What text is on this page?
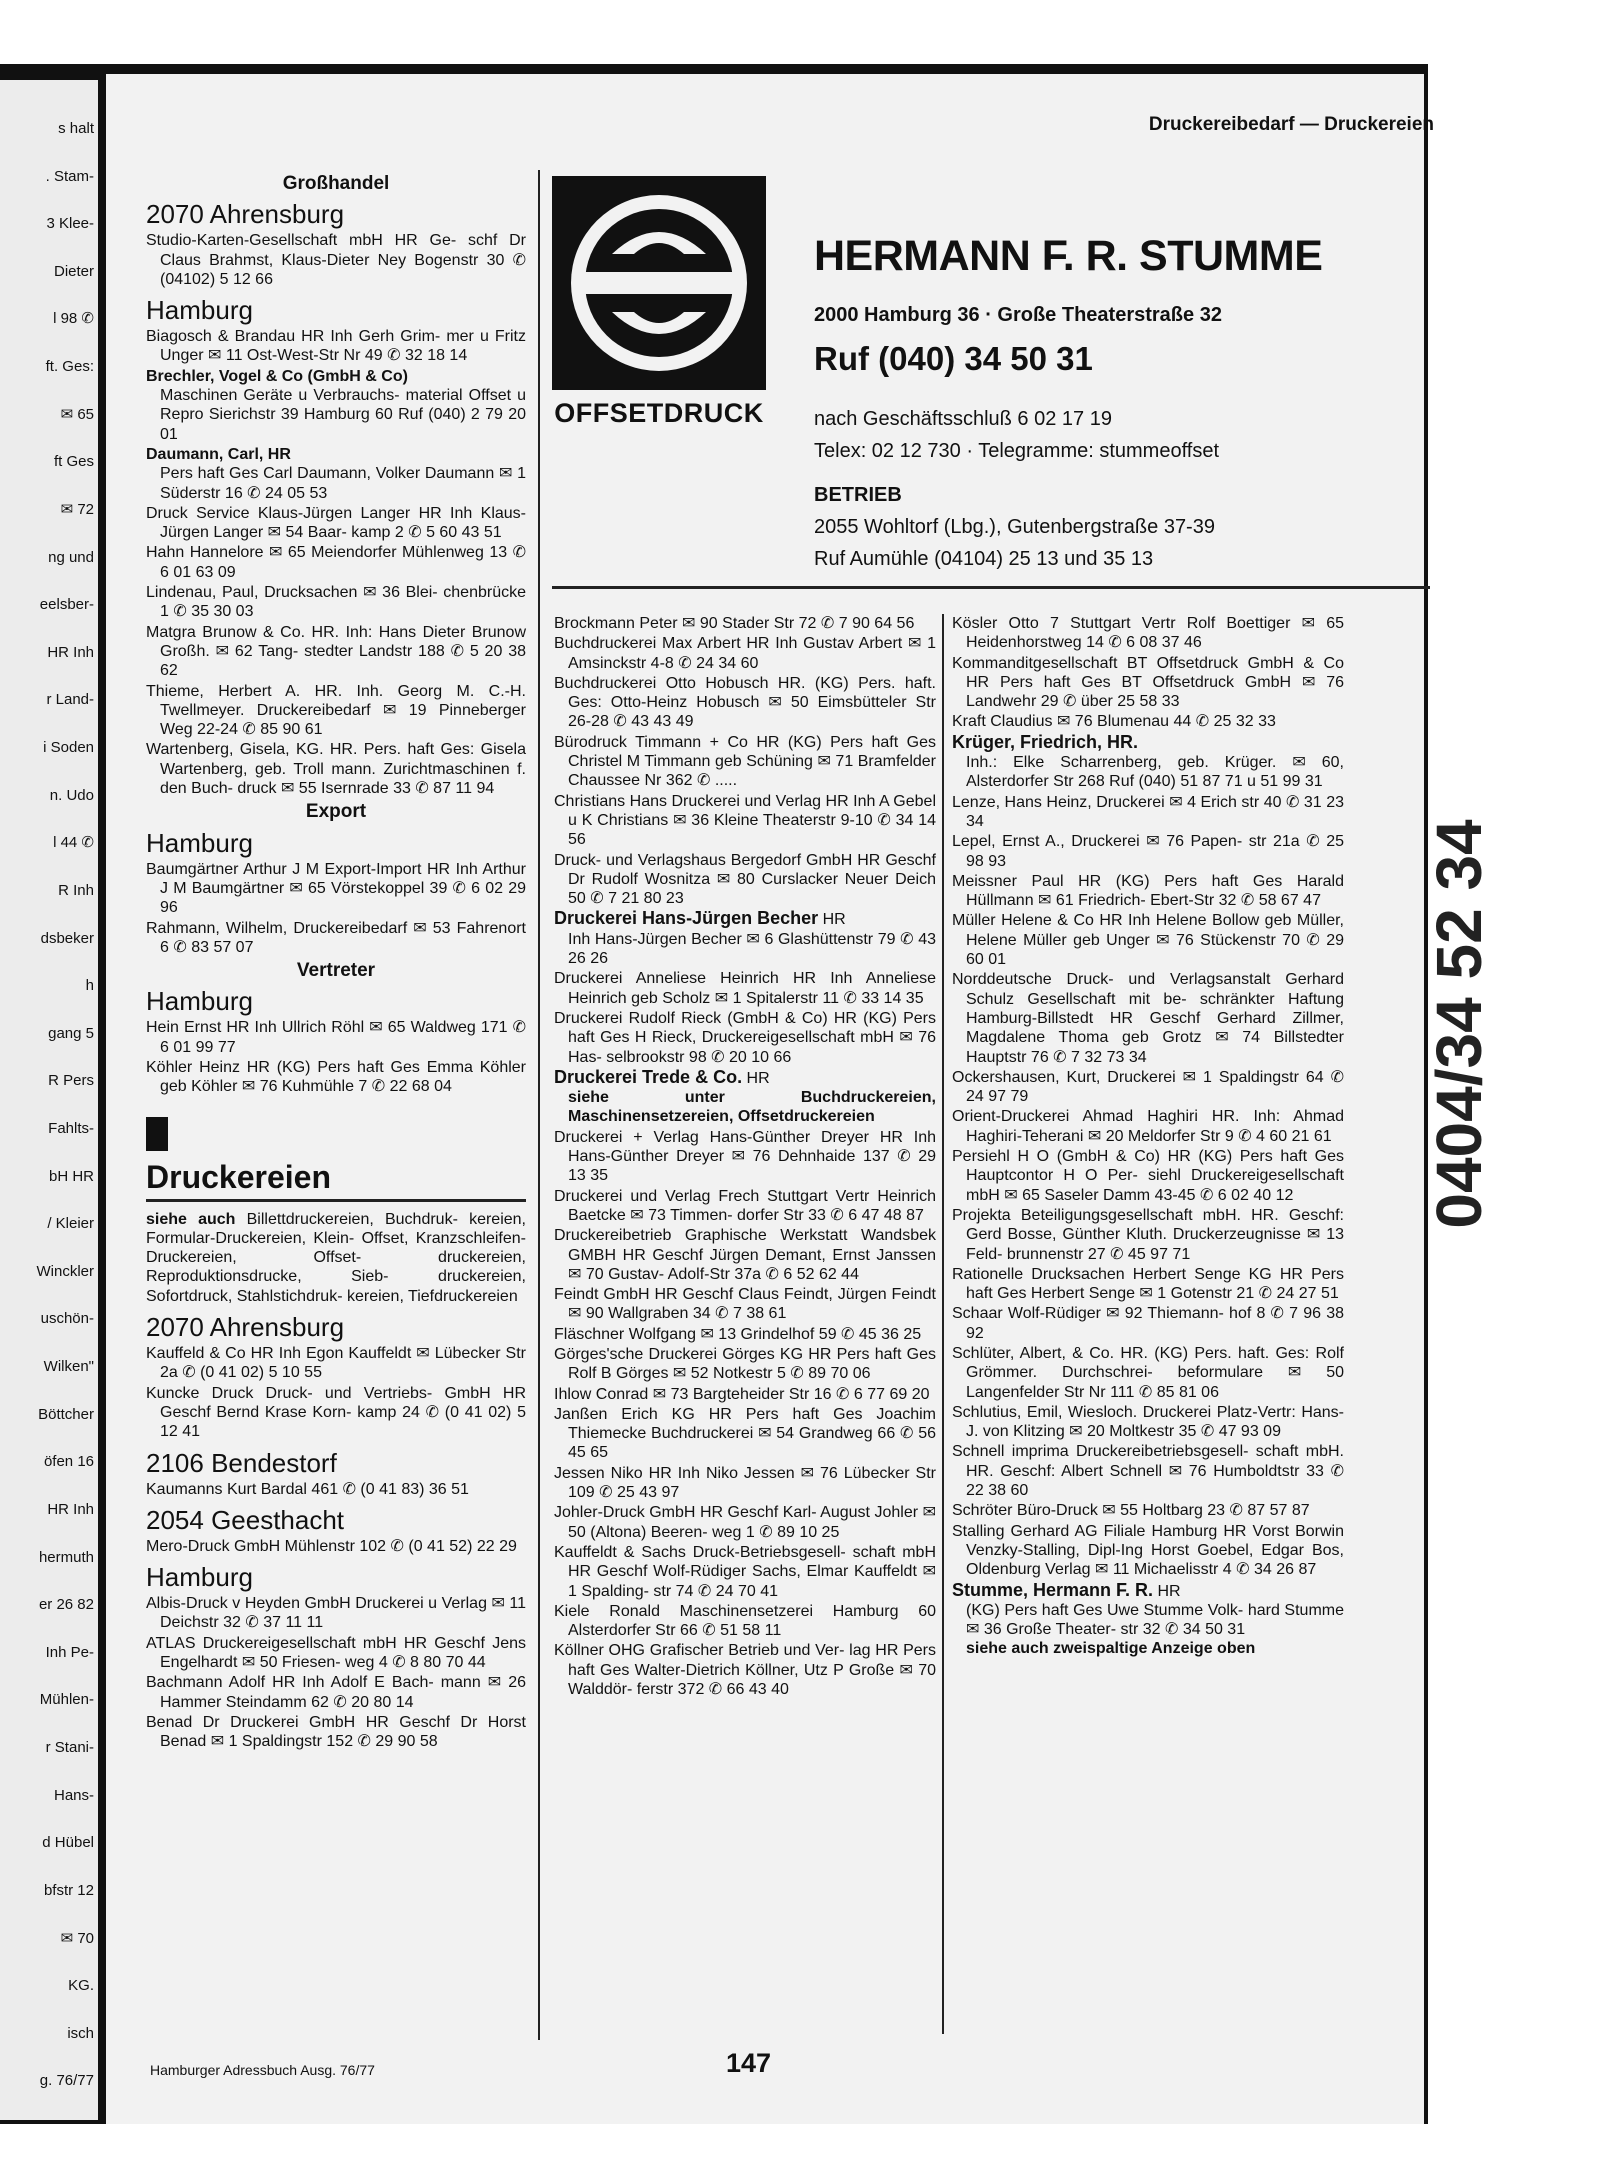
s halt
. Stam-
3 Klee-
Dieter
l 98 ✆
ft. Ges:
✉ 65
ft Ges
✉ 72
ng und
eelsber-
HR Inh
r Land-
i Soden
n. Udo
l 44 ✆
R Inh
dsbeker
h
gang 5
R Pers
Fahlts-
bH HR
/ Kleier
Winckler
uschön-
Wilken"
Böttcher
öfen 16
HR Inh
hermuth
er 26 82
Inh Pe-
Mühlen-
r Stani-
Hans-
d Hübel
bfstr 12
✉ 70
KG.
isch
g. 76/77
Druckereibedarf — Druckereien
Großhandel
2070 Ahrensburg
Studio-Karten-Gesellschaft mbH HR Ge- schf Dr Claus Brahmst, Klaus-Dieter Ney Bogenstr 30 ✆ (04102) 5 12 66
Hamburg
Biagosch & Brandau HR Inh Gerh Grim- mer u Fritz Unger ✉ 11 Ost-West-Str Nr 49 ✆ 32 18 14
Brechler, Vogel & Co (GmbH & Co)
Maschinen Geräte u Verbrauchs- material Offset u Repro Sierichstr 39 Hamburg 60 Ruf (040) 2 79 20 01
Daumann, Carl, HR
Pers haft Ges Carl Daumann, Volker Daumann ✉ 1 Süderstr 16 ✆ 24 05 53
Druck Service Klaus-Jürgen Langer HR Inh Klaus-Jürgen Langer ✉ 54 Baar- kamp 2 ✆ 5 60 43 51
Hahn Hannelore ✉ 65 Meiendorfer Mühlenweg 13 ✆ 6 01 63 09
Lindenau, Paul, Drucksachen ✉ 36 Blei- chenbrücke 1 ✆ 35 30 03
Matgra Brunow & Co. HR. Inh: Hans Dieter Brunow Großh. ✉ 62 Tang- stedter Landstr 188 ✆ 5 20 38 62
Thieme, Herbert A. HR. Inh. Georg M. C.-H. Twellmeyer. Druckereibedarf ✉ 19 Pinneberger Weg 22-24 ✆ 85 90 61
Wartenberg, Gisela, KG. HR. Pers. haft Ges: Gisela Wartenberg, geb. Troll mann. Zurichtmaschinen f. den Buch- druck ✉ 55 Isernrade 33 ✆ 87 11 94
Export
Hamburg
Baumgärtner Arthur J M Export-Import HR Inh Arthur J M Baumgärtner ✉ 65 Vörstekoppel 39 ✆ 6 02 29 96
Rahmann, Wilhelm, Druckereibedarf ✉ 53 Fahrenort 6 ✆ 83 57 07
Vertreter
Hamburg
Hein Ernst HR Inh Ullrich Röhl ✉ 65 Waldweg 171 ✆ 6 01 99 77
Köhler Heinz HR (KG) Pers haft Ges Emma Köhler geb Köhler ✉ 76 Kuhmühle 7 ✆ 22 68 04
Druckereien
siehe auch Billettdruckereien, Buchdruk- kereien, Formular-Druckereien, Klein- Offset, Kranzschleifen-Druckereien, Offset- druckereien, Reproduktionsdrucke, Sieb- druckereien, Sofortdruck, Stahlstichdruk- kereien, Tiefdruckereien
2070 Ahrensburg
Kauffeld & Co HR Inh Egon Kauffeldt ✉ Lübecker Str 2a ✆ (0 41 02) 5 10 55
Kuncke Druck Druck- und Vertriebs- GmbH HR Geschf Bernd Krase Korn- kamp 24 ✆ (0 41 02) 5 12 41
2106 Bendestorf
Kaumanns Kurt Bardal 461 ✆ (0 41 83) 36 51
2054 Geesthacht
Mero-Druck GmbH Mühlenstr 102 ✆ (0 41 52) 22 29
Hamburg
Albis-Druck v Heyden GmbH Druckerei u Verlag ✉ 11 Deichstr 32 ✆ 37 11 11
ATLAS Druckereigesellschaft mbH HR Geschf Jens Engelhardt ✉ 50 Friesen- weg 4 ✆ 8 80 70 44
Bachmann Adolf HR Inh Adolf E Bach- mann ✉ 26 Hammer Steindamm 62 ✆ 20 80 14
Benad Dr Druckerei GmbH HR Geschf Dr Horst Benad ✉ 1 Spaldingstr 152 ✆ 29 90 58
OFFSETDRUCK
HERMANN F. R. STUMME
2000 Hamburg 36 · Große Theaterstraße 32
Ruf (040) 34 50 31
nach Geschäftsschluß 6 02 17 19
Telex: 02 12 730 · Telegramme: stummeoffset
BETRIEB
2055 Wohltorf (Lbg.), Gutenbergstraße 37-39
Ruf Aumühle (04104) 25 13 und 35 13
Brockmann Peter ✉ 90 Stader Str 72 ✆ 7 90 64 56
Buchdruckerei Max Arbert HR Inh Gustav Arbert ✉ 1 Amsinckstr 4-8 ✆ 24 34 60
Buchdruckerei Otto Hobusch HR. (KG) Pers. haft. Ges: Otto-Heinz Hobusch ✉ 50 Eimsbütteler Str 26-28 ✆ 43 43 49
Bürodruck Timmann + Co HR (KG) Pers haft Ges Christel M Timmann geb Schüning ✉ 71 Bramfelder Chaussee Nr 362 ✆ .....
Christians Hans Druckerei und Verlag HR Inh A Gebel u K Christians ✉ 36 Kleine Theaterstr 9-10 ✆ 34 14 56
Druck- und Verlagshaus Bergedorf GmbH HR Geschf Dr Rudolf Wosnitza ✉ 80 Curslacker Neuer Deich 50 ✆ 7 21 80 23
Druckerei Hans-Jürgen Becher HR
Inh Hans-Jürgen Becher ✉ 6 Glashüttenstr 79 ✆ 43 26 26
Druckerei Anneliese Heinrich HR Inh Anneliese Heinrich geb Scholz ✉ 1 Spitalerstr 11 ✆ 33 14 35
Druckerei Rudolf Rieck (GmbH & Co) HR (KG) Pers haft Ges H Rieck, Druckereigesellschaft mbH ✉ 76 Has- selbrookstr 98 ✆ 20 10 66
Druckerei Trede & Co. HR
siehe unter Buchdruckereien, Maschinensetzereien, Offsetdruckereien
Druckerei + Verlag Hans-Günther Dreyer HR Inh Hans-Günther Dreyer ✉ 76 Dehnhaide 137 ✆ 29 13 35
Druckerei und Verlag Frech Stuttgart Vertr Heinrich Baetcke ✉ 73 Timmen- dorfer Str 33 ✆ 6 47 48 87
Druckereibetrieb Graphische Werkstatt Wandsbek GMBH HR Geschf Jürgen Demant, Ernst Janssen ✉ 70 Gustav- Adolf-Str 37a ✆ 6 52 62 44
Feindt GmbH HR Geschf Claus Feindt, Jürgen Feindt ✉ 90 Wallgraben 34 ✆ 7 38 61
Fläschner Wolfgang ✉ 13 Grindelhof 59 ✆ 45 36 25
Görges'sche Druckerei Görges KG HR Pers haft Ges Rolf B Görges ✉ 52 Notkestr 5 ✆ 89 70 06
Ihlow Conrad ✉ 73 Bargteheider Str 16 ✆ 6 77 69 20
Janßen Erich KG HR Pers haft Ges Joachim Thiemecke Buchdruckerei ✉ 54 Grandweg 66 ✆ 56 45 65
Jessen Niko HR Inh Niko Jessen ✉ 76 Lübecker Str 109 ✆ 25 43 97
Johler-Druck GmbH HR Geschf Karl- August Johler ✉ 50 (Altona) Beeren- weg 1 ✆ 89 10 25
Kauffeldt & Sachs Druck-Betriebsgesell- schaft mbH HR Geschf Wolf-Rüdiger Sachs, Elmar Kauffeldt ✉ 1 Spalding- str 74 ✆ 24 70 41
Kiele Ronald Maschinensetzerei Hamburg 60 Alsterdorfer Str 66 ✆ 51 58 11
Köllner OHG Grafischer Betrieb und Ver- lag HR Pers haft Ges Walter-Dietrich Köllner, Utz P Große ✉ 70 Walddör- ferstr 372 ✆ 66 43 40
Kösler Otto 7 Stuttgart Vertr Rolf Boettiger ✉ 65 Heidenhorstweg 14 ✆ 6 08 37 46
Kommanditgesellschaft BT Offsetdruck GmbH & Co HR Pers haft Ges BT Offsetdruck GmbH ✉ 76 Landwehr 29 ✆ über 25 58 33
Kraft Claudius ✉ 76 Blumenau 44 ✆ 25 32 33
Krüger, Friedrich, HR.
Inh.: Elke Scharrenberg, geb. Krüger. ✉ 60, Alsterdorfer Str 268 Ruf (040) 51 87 71 u 51 99 31
Lenze, Hans Heinz, Druckerei ✉ 4 Erich str 40 ✆ 31 23 34
Lepel, Ernst A., Druckerei ✉ 76 Papen- str 21a ✆ 25 98 93
Meissner Paul HR (KG) Pers haft Ges Harald Hüllmann ✉ 61 Friedrich- Ebert-Str 32 ✆ 58 67 47
Müller Helene & Co HR Inh Helene Bollow geb Müller, Helene Müller geb Unger ✉ 76 Stückenstr 70 ✆ 29 60 01
Norddeutsche Druck- und Verlagsanstalt Gerhard Schulz Gesellschaft mit be- schränkter Haftung Hamburg-Billstedt HR Geschf Gerhard Zillmer, Magdalene Thoma geb Grotz ✉ 74 Billstedter Hauptstr 76 ✆ 7 32 73 34
Ockershausen, Kurt, Druckerei ✉ 1 Spaldingstr 64 ✆ 24 97 79
Orient-Druckerei Ahmad Haghiri HR. Inh: Ahmad Haghiri-Teherani ✉ 20 Meldorfer Str 9 ✆ 4 60 21 61
Persiehl H O (GmbH & Co) HR (KG) Pers haft Ges Hauptcontor H O Per- siehl Druckereigesellschaft mbH ✉ 65 Saseler Damm 43-45 ✆ 6 02 40 12
Projekta Beteiligungsgesellschaft mbH. HR. Geschf: Gerd Bosse, Günther Kluth. Druckerzeugnisse ✉ 13 Feld- brunnenstr 27 ✆ 45 97 71
Rationelle Drucksachen Herbert Senge KG HR Pers haft Ges Herbert Senge ✉ 1 Gotenstr 21 ✆ 24 27 51
Schaar Wolf-Rüdiger ✉ 92 Thiemann- hof 8 ✆ 7 96 38 92
Schlüter, Albert, & Co. HR. (KG) Pers. haft. Ges: Rolf Grömmer. Durchschrei- beformulare ✉ 50 Langenfelder Str Nr 111 ✆ 85 81 06
Schlutius, Emil, Wiesloch. Druckerei Platz-Vertr: Hans-J. von Klitzing ✉ 20 Moltkestr 35 ✆ 47 93 09
Schnell imprima Druckereibetriebsgesell- schaft mbH. HR. Geschf: Albert Schnell ✉ 76 Humboldtstr 33 ✆ 22 38 60
Schröter Büro-Druck ✉ 55 Holtbarg 23 ✆ 87 57 87
Stalling Gerhard AG Filiale Hamburg HR Vorst Borwin Venzky-Stalling, Dipl-Ing Horst Goebel, Edgar Bos, Oldenburg Verlag ✉ 11 Michaelisstr 4 ✆ 34 26 87
Stumme, Hermann F. R. HR
(KG) Pers haft Ges Uwe Stumme Volk- hard Stumme ✉ 36 Große Theater- str 32 ✆ 34 50 31
siehe auch zweispaltige Anzeige oben
Hamburger Adressbuch Ausg. 76/77	147
0404/34 52 34
